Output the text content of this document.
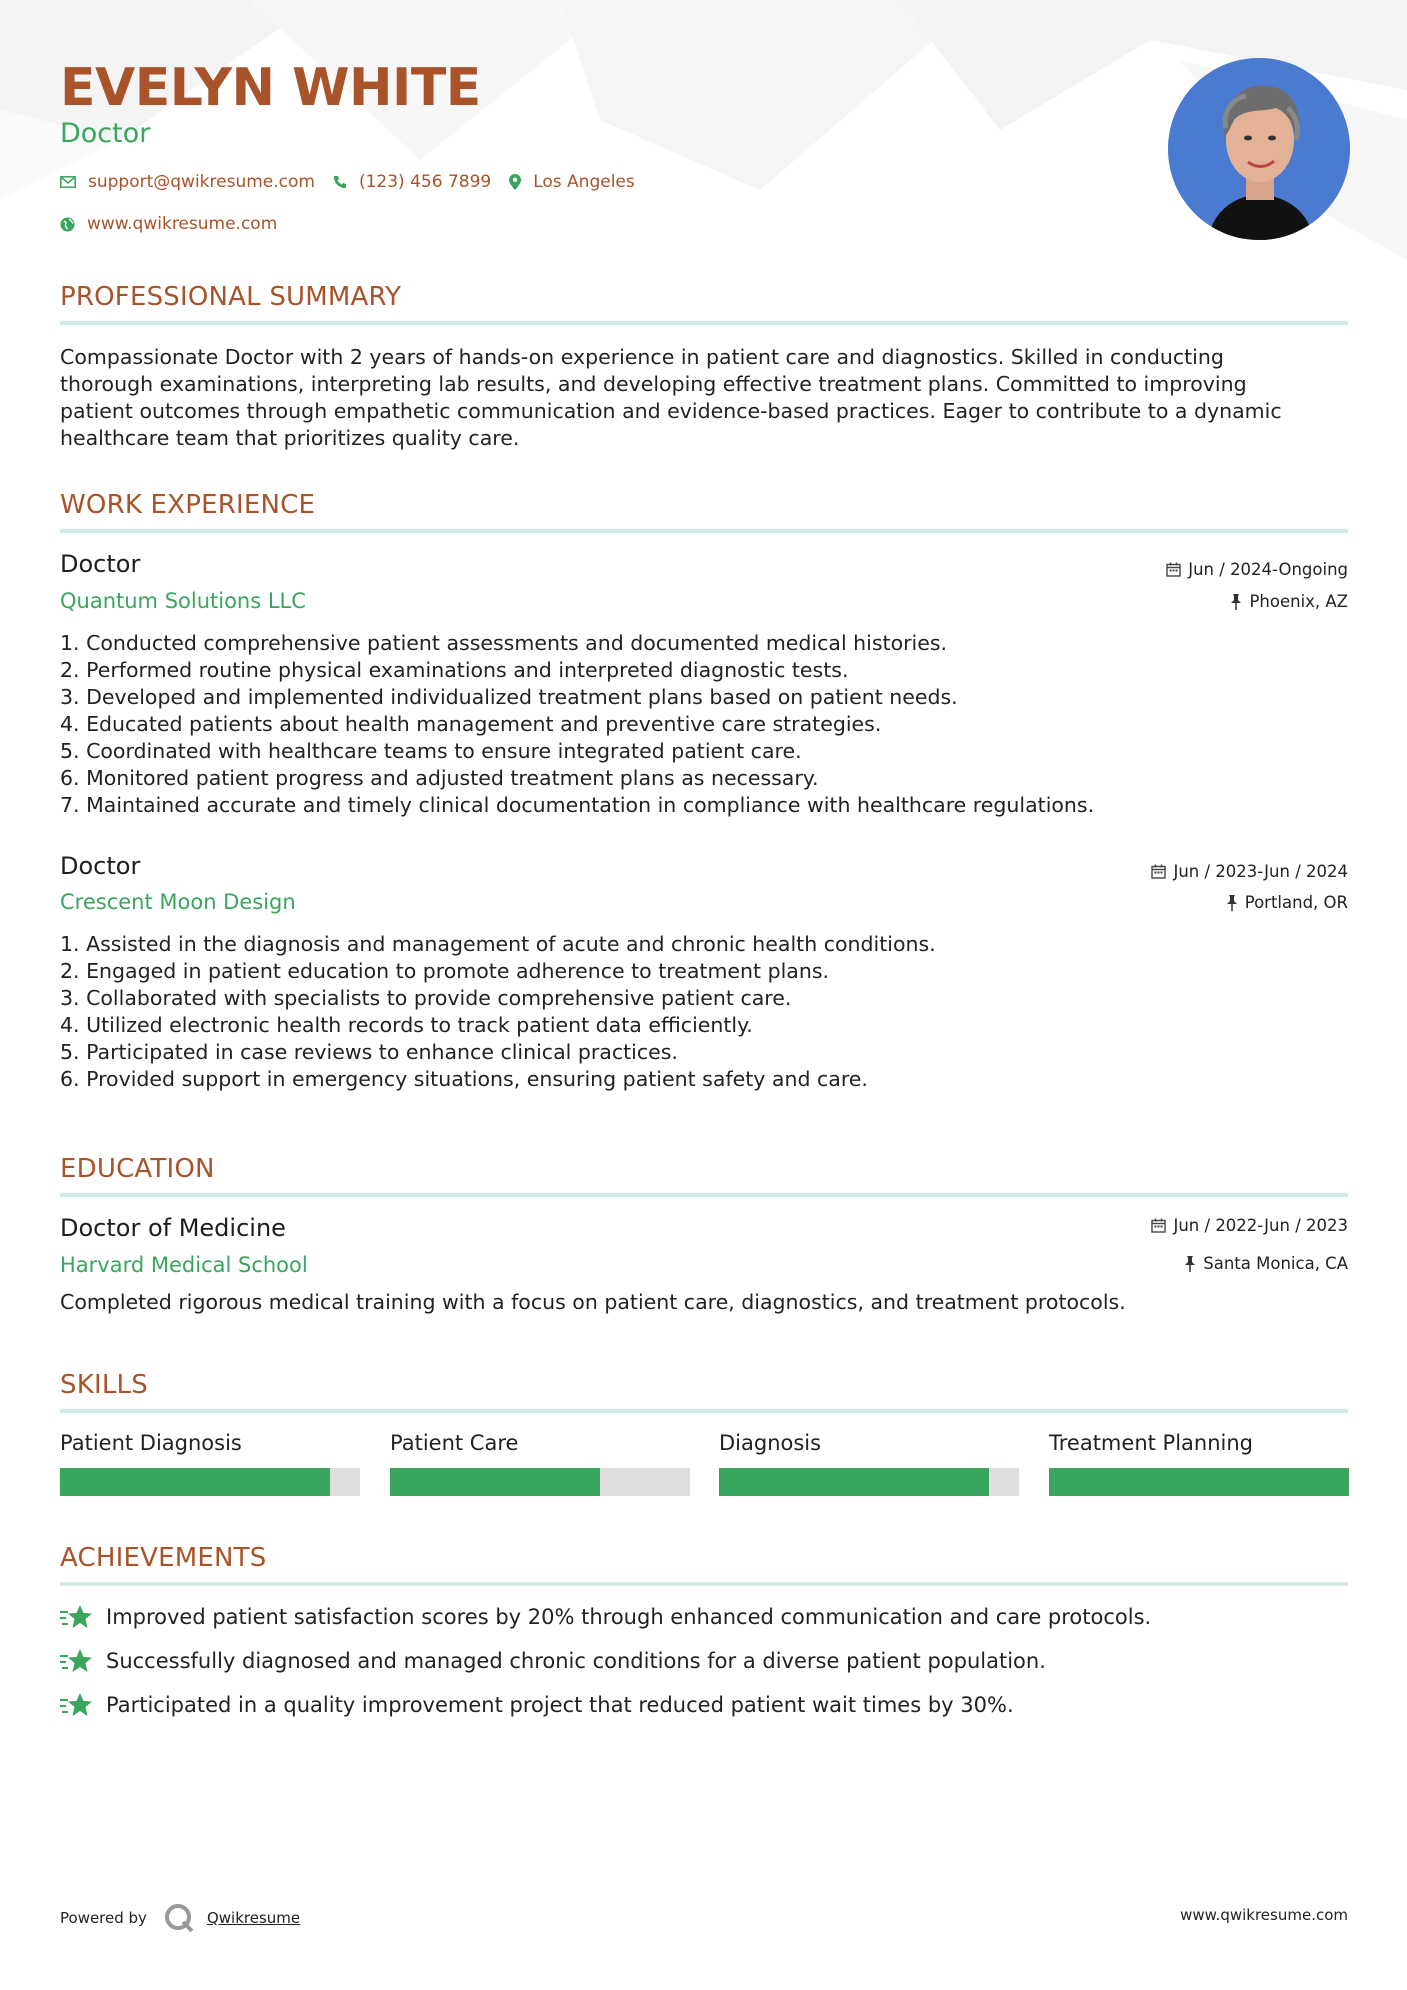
EVELYN WHITE
Doctor
support@qwikresume.com	(123) 456 7899 Los Angeles
www.qwikresume.com
PROFESSIONAL SUMMARY
Compassionate Doctor with 2 years of hands-on experience in patient care and diagnostics. Skilled in conducting
thorough examinations, interpreting lab results, and developing effective treatment plans. Committed to improving
patient outcomes through empathetic communication and evidence-based practices. Eager to contribute to a dynamic
healthcare team that prioritizes quality care.
WORK EXPERIENCE
Doctor
Quantum Solutions LLC
Jun / 2024-Ongoing
Phoenix, AZ
1. Conducted comprehensive patient assessments and documented medical histories.
2. Performed routine physical examinations and interpreted diagnostic tests.
3. Developed and implemented individualized treatment plans based on patient needs.
4. Educated patients about health management and preventive care strategies.
5. Coordinated with healthcare teams to ensure integrated patient care.
6. Monitored patient progress and adjusted treatment plans as necessary.
7. Maintained accurate and timely clinical documentation in compliance with healthcare regulations.
Doctor
Crescent Moon Design
Jun / 2023-Jun / 2024
Portland, OR
1. Assisted in the diagnosis and management of acute and chronic health conditions.
2. Engaged in patient education to promote adherence to treatment plans.
3. Collaborated with specialists to provide comprehensive patient care.
4. Utilized electronic health records to track patient data efficiently.
5. Participated in case reviews to enhance clinical practices.
6. Provided support in emergency situations, ensuring patient safety and care.
EDUCATION
Doctor of Medicine
Harvard Medical School
Jun / 2022-Jun / 2023
Santa Monica, CA
Completed rigorous medical training with a focus on patient care, diagnostics, and treatment protocols.
SKILLS
Patient Diagnosis	Patient Care	Diagnosis	Treatment Planning
ACHIEVEMENTS
Improved patient satisfaction scores by 20% through enhanced communication and care protocols.
Successfully diagnosed and managed chronic conditions for a diverse patient population.
Participated in a quality improvement project that reduced patient wait times by 30%.
Powered by	Qwikresume	www.qwikresume.com
